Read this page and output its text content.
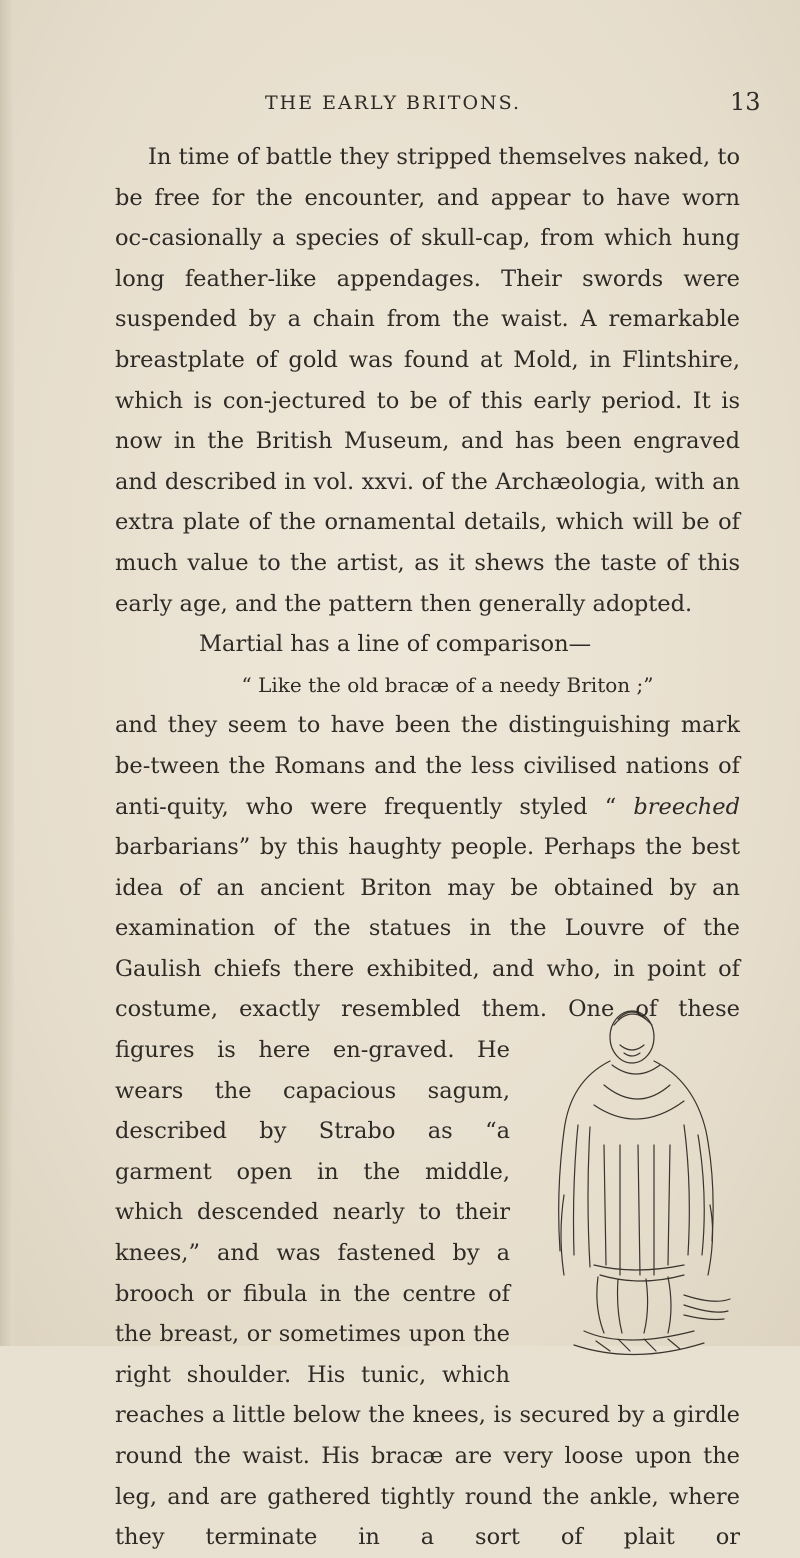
THE EARLY BRITONS.	13

In time of battle they stripped themselves naked, to be free for the encounter, and appear to have worn oc-casionally a species of skull-cap, from which hung long feather-like appendages. Their swords were suspended by a chain from the waist. A remarkable breastplate of gold was found at Mold, in Flintshire, which is con-jectured to be of this early period. It is now in the British Museum, and has been engraved and described in vol. xxvi. of the Archæologia, with an extra plate of the ornamental details, which will be of much value to the artist, as it shews the taste of this early age, and the pattern then generally adopted.

Martial has a line of comparison—

“ Like the old bracæ of a needy Briton ;”

and they seem to have been the distinguishing mark be-tween the Romans and the less civilised nations of anti-quity, who were frequently styled “ breeched barbarians” by this haughty people. Perhaps the best idea of an ancient Briton may be obtained by an examination of the statues in the Louvre of the Gaulish chiefs there exhibited, and who, in point of costume, exactly resembled
them. One of these figures is here en-graved. He wears the capacious sagum, described by Strabo as “a garment open in the middle, which descended nearly to their knees,” and was fastened by a brooch or fibula in the centre of the breast, or sometimes upon the right shoulder. His tunic, which reaches a little below the knees, is secured by a girdle round the waist. His bracæ are very loose upon the leg, and are gathered tightly round the ankle, where they terminate in a sort of plait or
